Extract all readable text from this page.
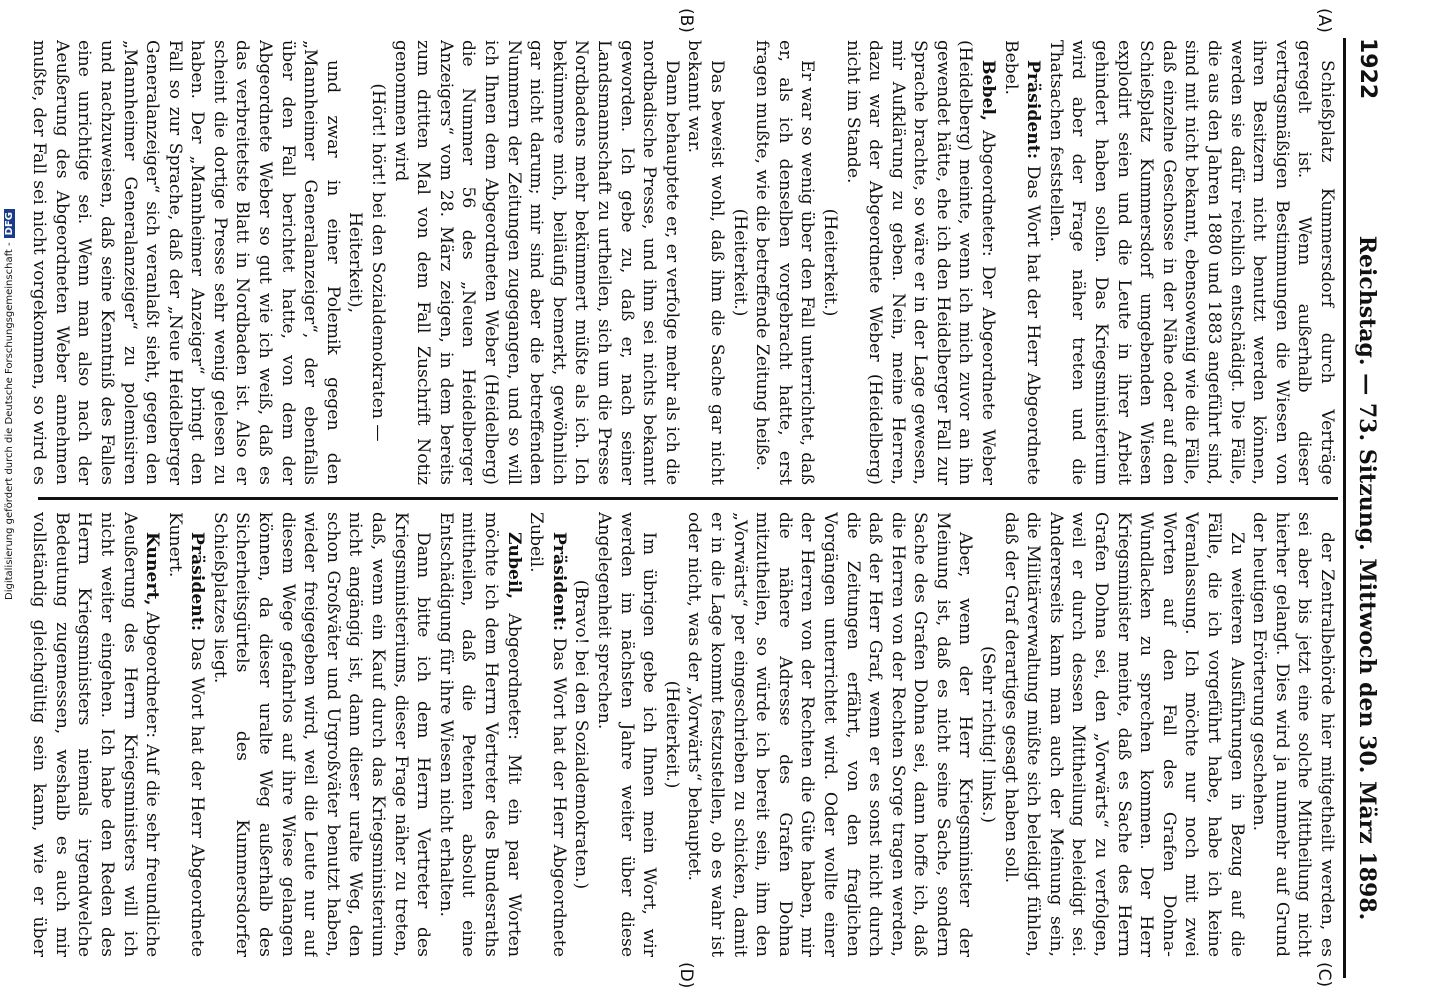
1922
Reichstag. — 73. Sitzung. Mittwoch den 30. März 1898.
(A)
(B)
(C)
(D)

Schießplatz Kummersdorf durch Verträge geregelt ist. Wenn außerhalb dieser vertragsmäßigen Bestimmungen die Wiesen von ihren Besitzern nicht benutzt werden können, werden sie dafür reichlich entschädigt. Die Fälle, die aus den Jahren 1880 und 1883 angeführt sind, sind mit nicht bekannt, ebensowenig wie die Fälle, daß einzelne Geschosse in der Nähe oder auf den Schießplatz Kummersdorf umgebenden Wiesen explodirt seien und die Leute in ihrer Arbeit gehindert haben sollen. Das Kriegsministerium wird aber der Frage näher treten und die Thatsachen feststellen.

Präsident: Das Wort hat der Herr Abgeordnete Bebel.

Bebel, Abgeordneter: Der Abgeordnete Weber (Heidelberg) meinte, wenn ich mich zuvor an ihn gewendet hätte, ehe ich den Heidelberger Fall zur Sprache brachte, so wäre er in der Lage gewesen, mir Aufklärung zu geben. Nein, meine Herren, dazu war der Abgeordnete Weber (Heidelberg) nicht im Stande.

(Heiterkeit.)

Er war so wenig über den Fall unterrichtet, daß er, als ich denselben vorgebracht hatte, erst fragen mußte, wie die betreffende Zeitung heiße.

(Heiterkeit.)

Das beweist wohl, daß ihm die Sache gar nicht bekannt war.

Dann behauptete er, er verfolge mehr als ich die nordbadische Presse, und ihm sei nichts bekannt geworden. Ich gebe zu, daß er, nach seiner Landsmannschaft zu urtheilen, sich um die Presse Nordbadens mehr bekümmert müßte als ich. Ich bekümmere mich, beiläufig bemerkt, gewöhnlich gar nicht darum; mir sind aber die betreffenden Nummern der Zeitungen zugegangen, und so will ich Ihnen dem Abgeordneten Weber (Heidelberg) die Nummer 56 des „Neuen Heidelberger Anzeigers“ vom 28. März zeigen, in dem bereits zum dritten Mal von dem Fall Zuschrift Notiz genommen wird

(Hört! hört! bei den Sozialdemokraten — Heiterkeit),

und zwar in einer Polemik gegen den „Mannheimer Generalanzeiger“, der ebenfalls über den Fall berichtet hatte, von dem der Abgeordnete Weber so gut wie ich weiß, daß es das verbreitetste Blatt in Nordbaden ist. Also er scheint die dortige Presse sehr wenig gelesen zu haben. Der „Mannheimer Anzeiger“ bringt den Fall so zur Sprache, daß der „Neue Heidelberger Generalanzeiger“ sich veranlaßt sieht, gegen den „Mannheimer Generalanzeiger“ zu polemisiren und nachzuweisen, daß seine Kenntniß des Falles eine unrichtige sei. Wenn man also nach der Aeußerung des Abgeordneten Weber annehmen mußte, der Fall sei nicht vorgekommen, so wird es

der Zentralbehörde hier mitgetheilt werden, es sei aber bis jetzt eine solche Mittheilung nicht hierher gelangt. Dies wird ja nunmehr auf Grund der heutigen Erörterung geschehen.

Zu weiteren Ausführungen in Bezug auf die Fälle, die ich vorgeführt habe, habe ich keine Veranlassung. Ich möchte nur noch mit zwei Worten auf den Fall des Grafen Dohna-Wundlacken zu sprechen kommen. Der Herr Kriegsminister meinte, daß es Sache des Herrn Grafen Dohna sei, den „Vorwärts“ zu verfolgen, weil er durch dessen Mittheilung beleidigt sei. Andererseits kann man auch der Meinung sein, die Militärverwaltung müßte sich beleidigt fühlen, daß der Graf derartiges gesagt haben soll.

(Sehr richtig! links.)

Aber, wenn der Herr Kriegsminister der Meinung ist, daß es nicht seine Sache, sondern Sache des Grafen Dohna sei, dann hoffe ich, daß die Herren von der Rechten Sorge tragen werden, daß der Herr Graf, wenn er es sonst nicht durch die Zeitungen erfährt, von den fraglichen Vorgängen unterrichtet wird. Oder wollte einer der Herren von der Rechten die Güte haben, mir die nähere Adresse des Grafen Dohna mitzutheilen, so würde ich bereit sein, ihm den „Vorwärts“ per eingeschrieben zu schicken, damit er in die Lage kommt festzustellen, ob es wahr ist oder nicht, was der „Vorwärts“ behauptet.

(Heiterkeit.)

Im übrigen gebe ich Ihnen mein Wort, wir werden im nächsten Jahre weiter über diese Angelegenheit sprechen.

(Bravo! bei den Sozialdemokraten.)

Präsident: Das Wort hat der Herr Abgeordnete Zubeil.

Zubeil, Abgeordneter: Mit ein paar Worten möchte ich dem Herrn Vertreter des Bundesraths mittheilen, daß die Petenten absolut eine Entschädigung für ihre Wiesen nicht erhalten.

Dann bitte ich dem Herrn Vertreter des Kriegsministeriums, dieser Frage näher zu treten, daß, wenn ein Kauf durch das Kriegsministerium nicht angängig ist, dann dieser uralte Weg, den schon Großväter und Urgroßväter benutzt haben, wieder freigegeben wird, weil die Leute nur auf diesem Wege gefahrlos auf ihre Wiese gelangen können, da dieser uralte Weg außerhalb des Sicherheitsgürtels des Kummersdorfer Schießplatzes liegt.

Präsident: Das Wort hat der Herr Abgeordnete Kunert.

Kunert, Abgeordneter: Auf die sehr freundliche Aeußerung des Herrn Kriegsministers will ich nicht weiter eingehen. Ich habe den Reden des Herrn Kriegsministers niemals irgendwelche Bedeutung zugemessen, weshalb es auch mir vollständig gleichgültig sein kann, wie er über

Digitalisierung gefördert durch die Deutsche Forschungsgemeinschaft -DFG
